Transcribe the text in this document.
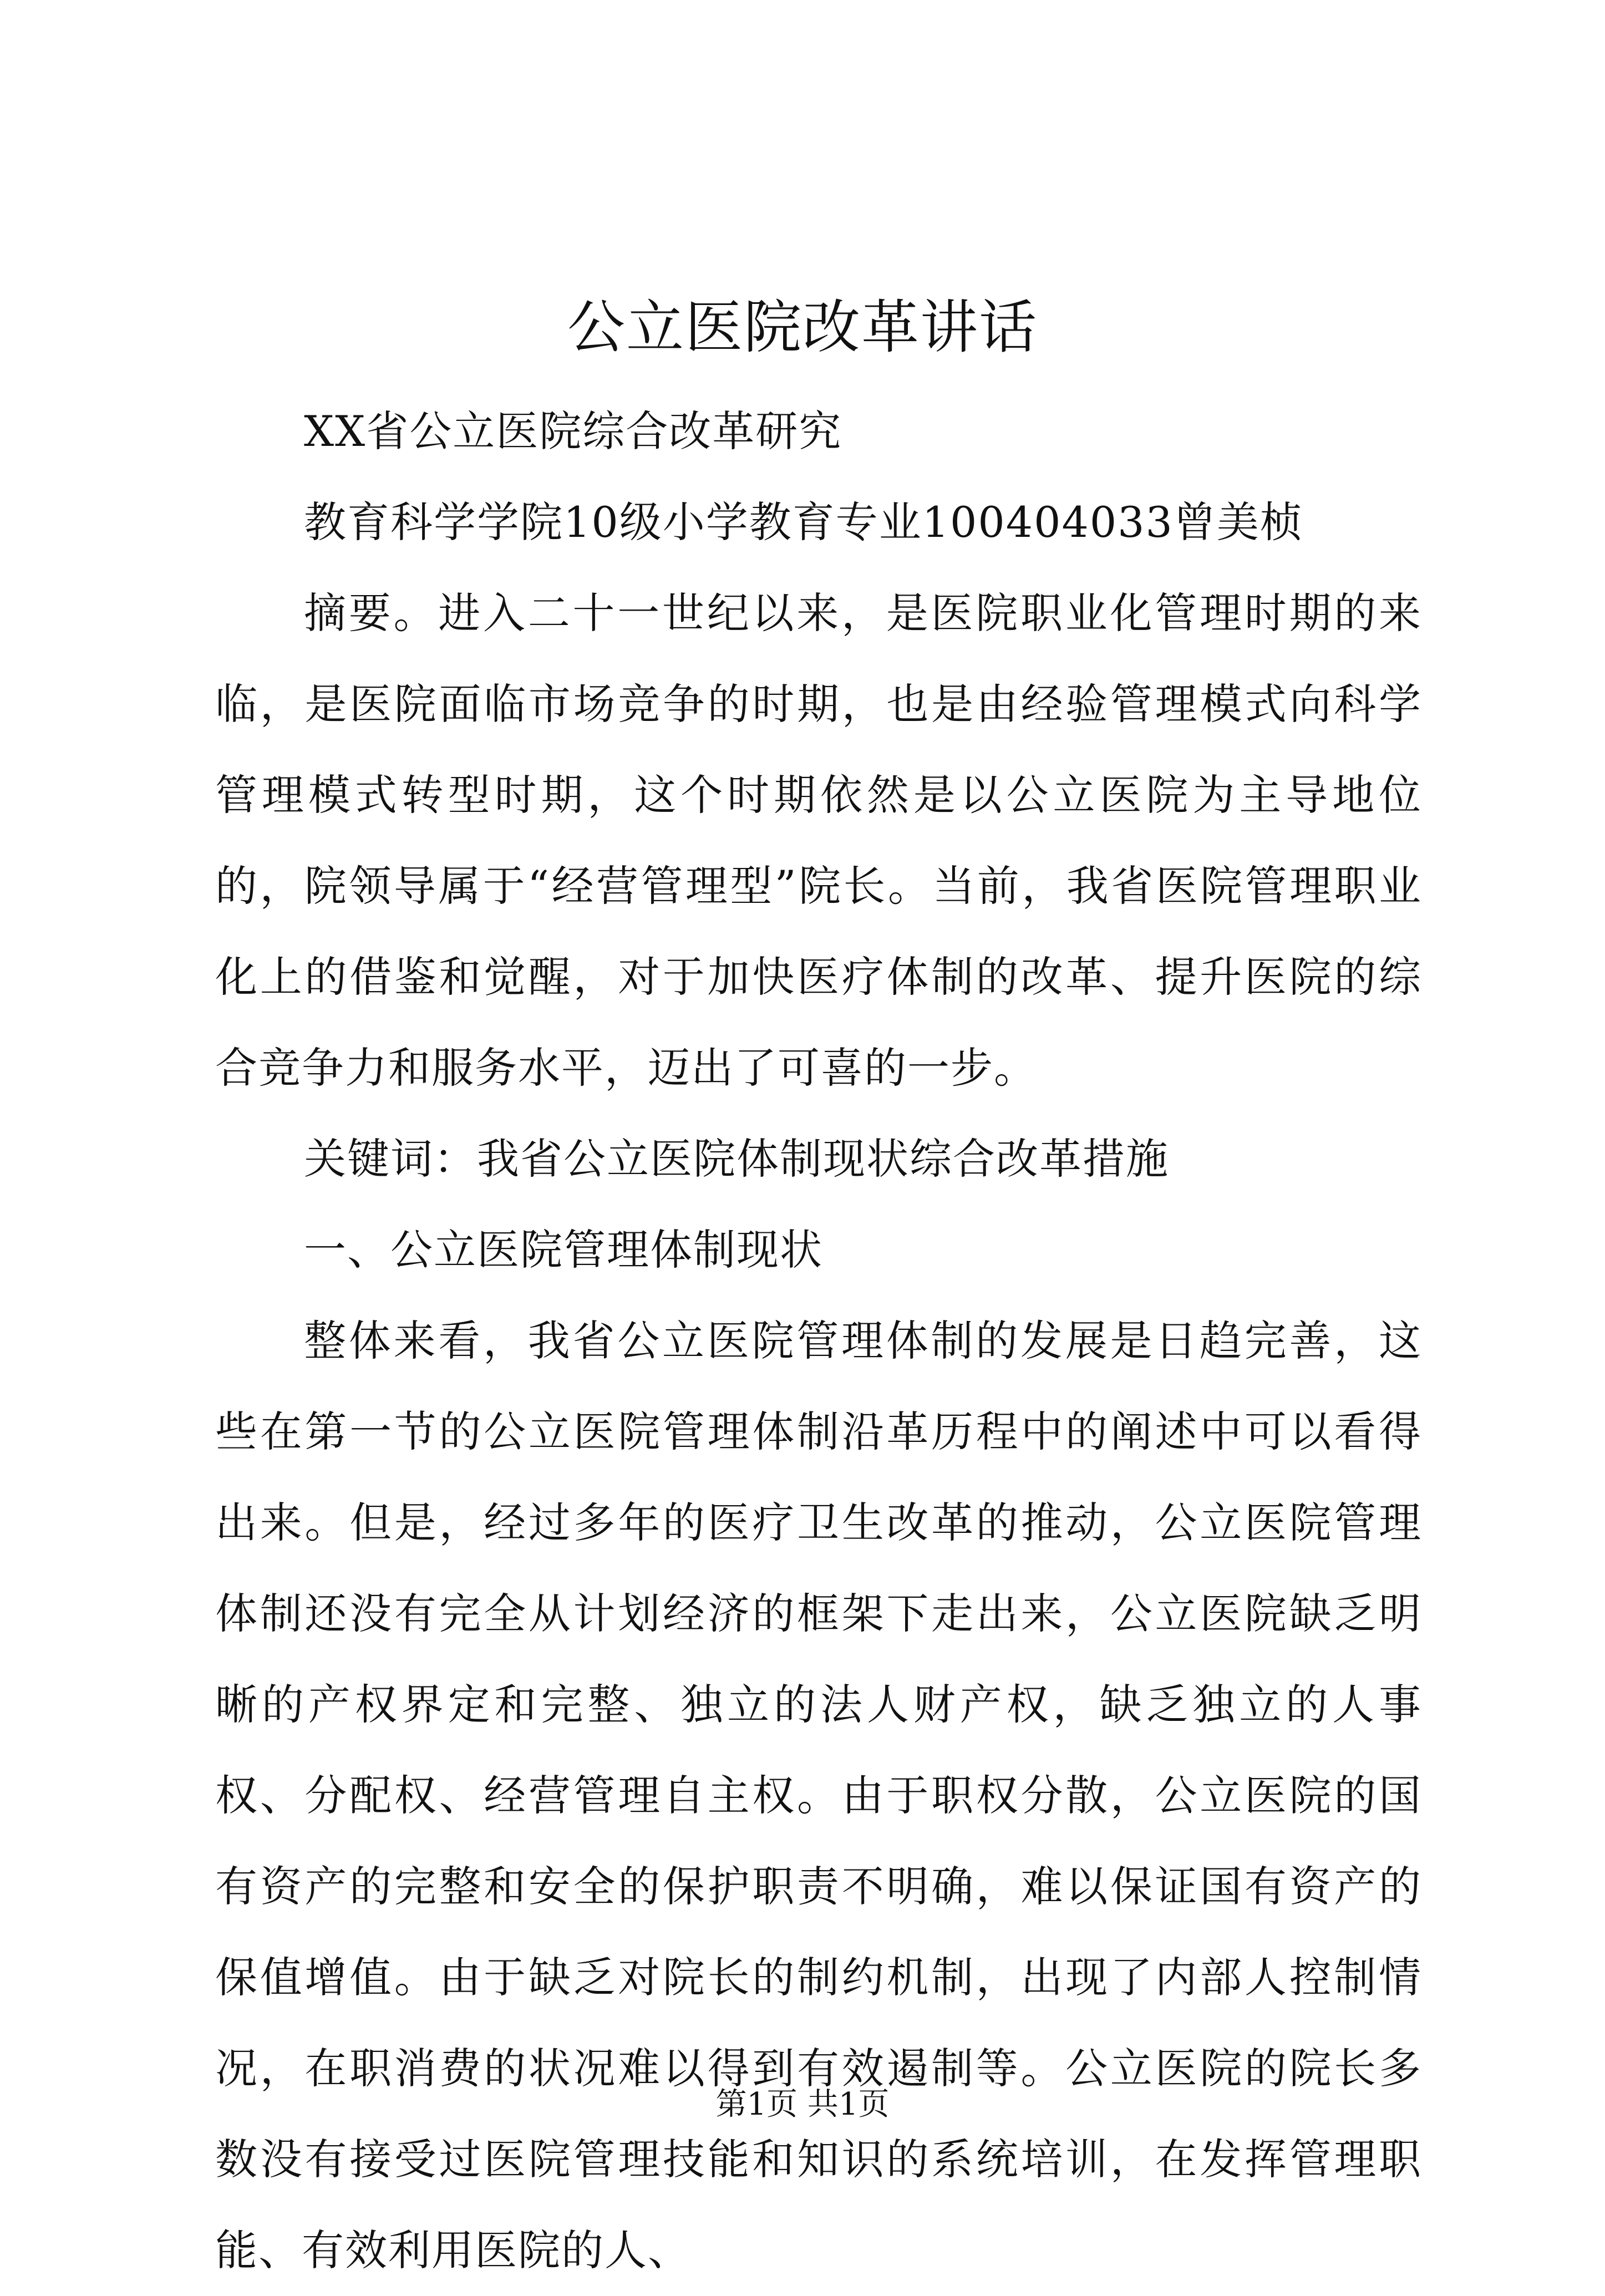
公立医院改革讲话

XX省公立医院综合改革研究

教育科学学院10级小学教育专业100404033曾美桢

摘要。进入二十一世纪以来，是医院职业化管理时期的来临，是医院面临市场竞争的时期，也是由经验管理模式向科学管理模式转型时期，这个时期依然是以公立医院为主导地位的，院领导属于“经营管理型”院长。当前，我省医院管理职业化上的借鉴和觉醒，对于加快医疗体制的改革、提升医院的综合竞争力和服务水平，迈出了可喜的一步。

关键词：我省公立医院体制现状综合改革措施

一、公立医院管理体制现状

整体来看，我省公立医院管理体制的发展是日趋完善，这些在第一节的公立医院管理体制沿革历程中的阐述中可以看得出来。但是，经过多年的医疗卫生改革的推动，公立医院管理体制还没有完全从计划经济的框架下走出来，公立医院缺乏明晰的产权界定和完整、独立的法人财产权，缺乏独立的人事权、分配权、经营管理自主权。由于职权分散，公立医院的国有资产的完整和安全的保护职责不明确，难以保证国有资产的保值增值。由于缺乏对院长的制约机制，出现了内部人控制情况，在职消费的状况难以得到有效遏制等。公立医院的院长多数没有接受过医院管理技能和知识的系统培训，在发挥管理职能、有效利用医院的人、

第1页 共1页
